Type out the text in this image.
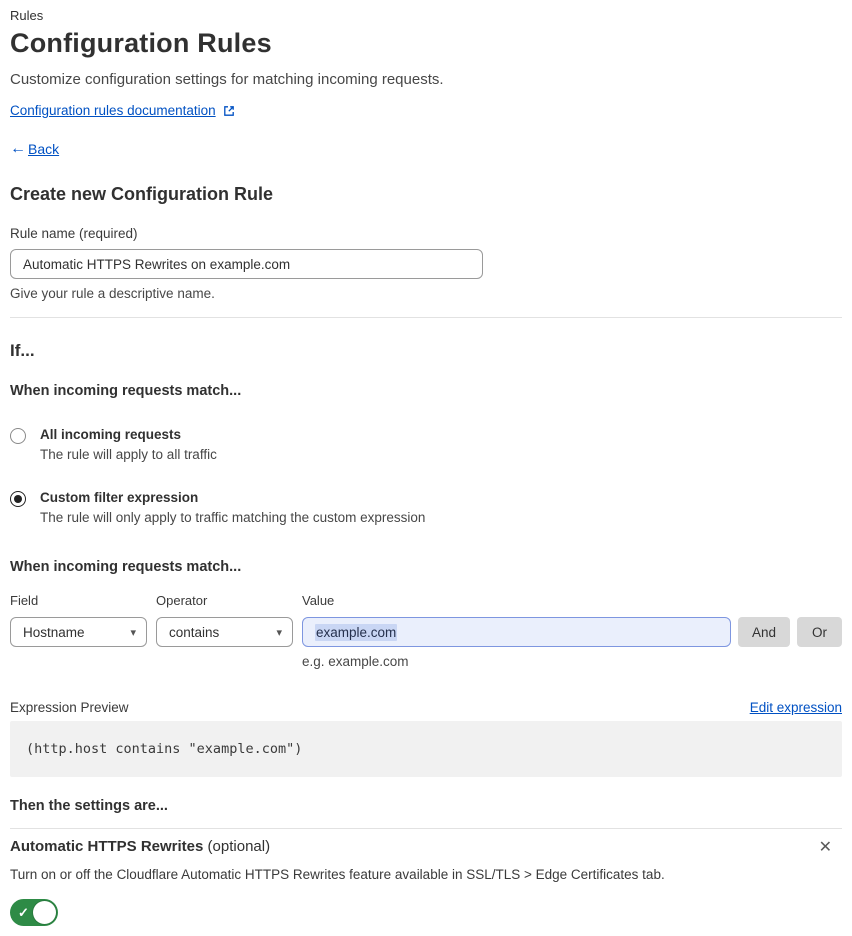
Rules
Configuration Rules

Customize configuration settings for matching incoming requests.

Configuration rules documentation
← Back
Create new Configuration Rule
Rule name (required)
Automatic HTTPS Rewrites on example.com
Give your rule a descriptive name.
If...
When incoming requests match...
All incoming requests
The rule will apply to all traffic
Custom filter expression
The rule will only apply to traffic matching the custom expression
When incoming requests match...
Field	Operator	Value
Hostname	▾ contains	▾	example.com	And	Or
e.g. example.com
Expression Preview	Edit expression
(http.host contains "example.com")
Then the settings are...
Automatic HTTPS Rewrites (optional)	✕
Turn on or off the Cloudflare Automatic HTTPS Rewrites feature available in SSL/TLS > Edge Certificates tab.
✓
